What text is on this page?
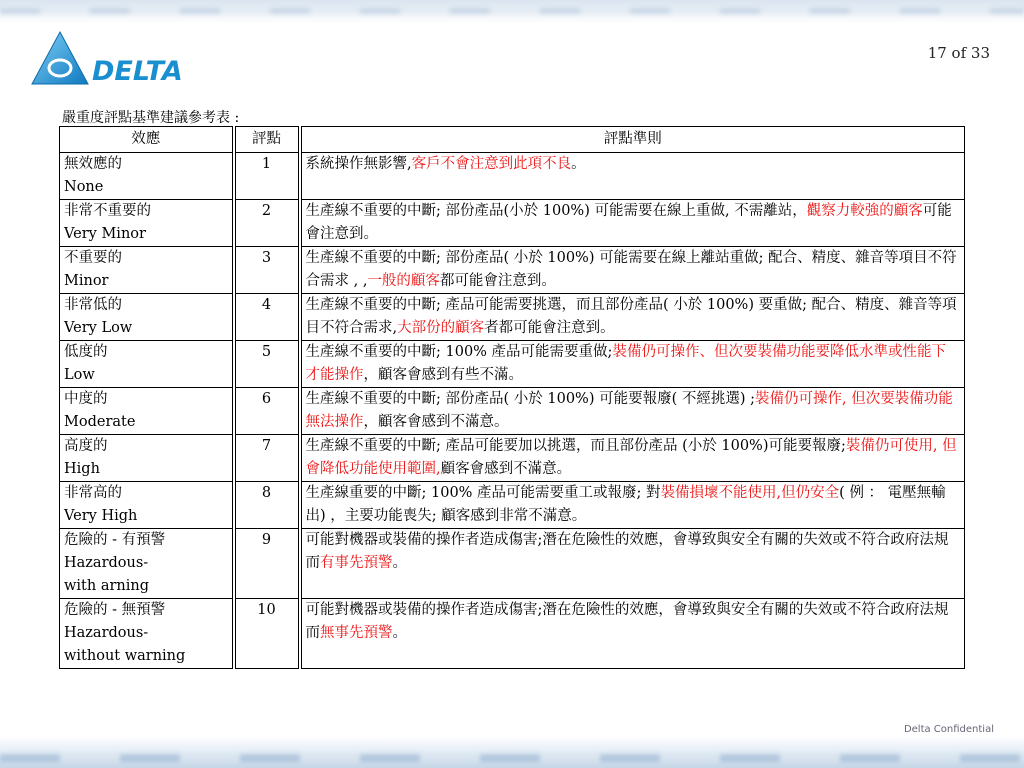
DELTA
17 of 33
嚴重度評點基準建議參考表 :
效應	評點	評點準則

無效應的
None	1	系統操作無影響,客戶不會注意到此項不良。

非常不重要的
Very Minor	2	生產線不重要的中斷; 部份產品(小於 100%) 可能需要在線上重做, 不需離站，觀察力較強的顧客可能會注意到。

不重要的
Minor	3	生產線不重要的中斷; 部份產品( 小於 100%) 可能需要在線上離站重做; 配合、精度、雜音等項目不符合需求 , ,一般的顧客都可能會注意到。

非常低的
Very Low	4	生產線不重要的中斷; 產品可能需要挑選，而且部份產品( 小於 100%) 要重做; 配合、精度、雜音等項目不符合需求,大部份的顧客者都可能會注意到。

低度的
Low	5	生產線不重要的中斷; 100% 產品可能需要重做;裝備仍可操作、但次要裝備功能要降低水準或性能下才能操作，顧客會感到有些不滿。

中度的
Moderate	6	生產線不重要的中斷; 部份產品( 小於 100%) 可能要報廢( 不經挑選) ;裝備仍可操作, 但次要裝備功能無法操作，顧客會感到不滿意。

高度的
High	7	生產線不重要的中斷; 產品可能要加以挑選，而且部份產品 (小於 100%)可能要報廢;裝備仍可使用, 但會降低功能使用範圍,顧客會感到不滿意。

非常高的
Very High	8	生產線重要的中斷; 100% 產品可能需要重工或報廢; 對裝備損壞不能使用,但仍安全( 例 ： 電壓無輸出) ，主要功能喪失; 顧客感到非常不滿意。

危險的 - 有預警
Hazardous-
with arning	9	可能對機器或裝備的操作者造成傷害;潛在危險性的效應，會導致與安全有關的失效或不符合政府法規而有事先預警。

危險的 - 無預警
Hazardous-
without warning	10	可能對機器或裝備的操作者造成傷害;潛在危險性的效應，會導致與安全有關的失效或不符合政府法規而無事先預警。
Delta Confidential
